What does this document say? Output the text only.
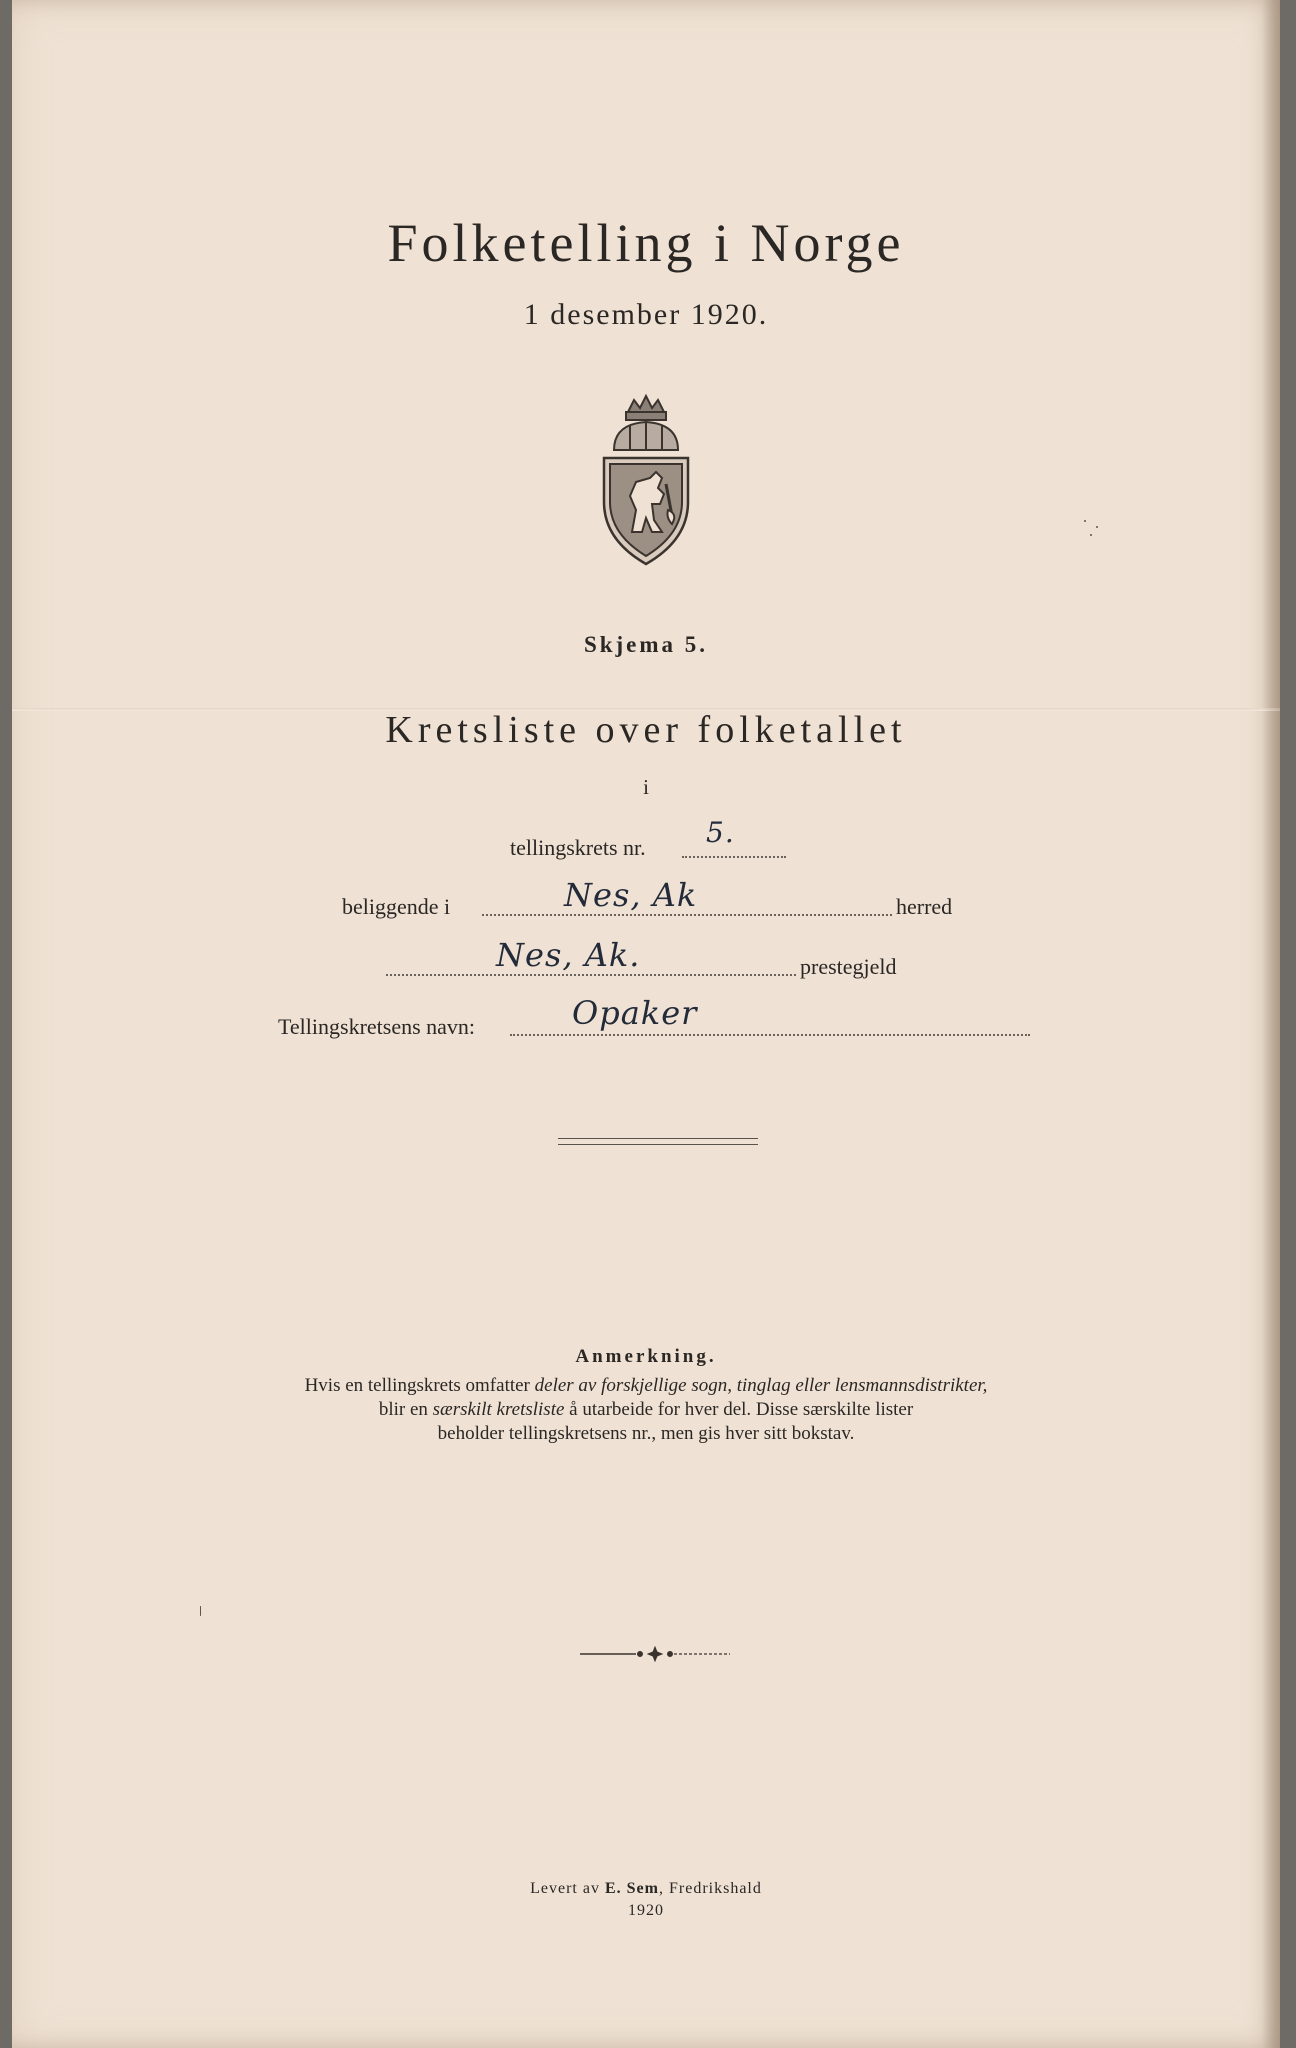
Folketelling i Norge
1 desember 1920.
Skjema 5.
Kretsliste over folketallet
i
tellingskrets nr. 5.
beliggende i	Nes, Ak	herred
Nes, Ak.	prestegjeld
Tellingskretsens navn:	Opaker
Anmerkning.
Hvis en tellingskrets omfatter deler av forskjellige sogn, tinglag eller lensmannsdistrikter,
blir en særskilt kretsliste å utarbeide for hver del. Disse særskilte lister
beholder tellingskretsens nr., men gis hver sitt bokstav.
Levert av E. Sem, Fredrikshald
1920
